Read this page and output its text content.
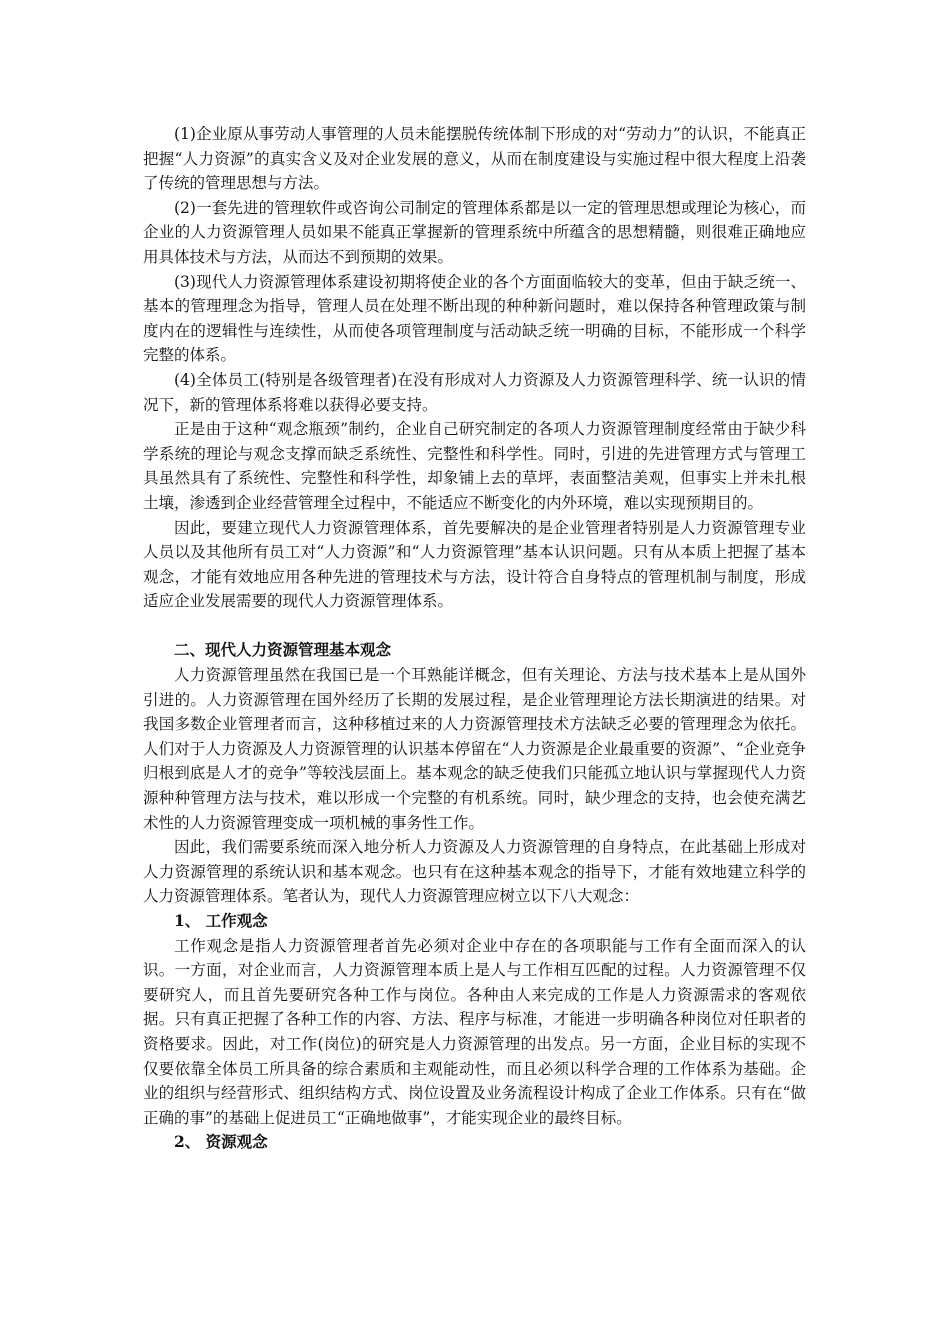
(1)企业原从事劳动人事管理的人员未能摆脱传统体制下形成的对“劳动力”的认识，不能真正把握“人力资源”的真实含义及对企业发展的意义，从而在制度建设与实施过程中很大程度上沿袭了传统的管理思想与方法。

(2)一套先进的管理软件或咨询公司制定的管理体系都是以一定的管理思想或理论为核心，而企业的人力资源管理人员如果不能真正掌握新的管理系统中所蕴含的思想精髓，则很难正确地应用具体技术与方法，从而达不到预期的效果。

(3)现代人力资源管理体系建设初期将使企业的各个方面面临较大的变革，但由于缺乏统一、基本的管理理念为指导，管理人员在处理不断出现的种种新问题时，难以保持各种管理政策与制度内在的逻辑性与连续性，从而使各项管理制度与活动缺乏统一明确的目标，不能形成一个科学完整的体系。

(4)全体员工(特别是各级管理者)在没有形成对人力资源及人力资源管理科学、统一认识的情况下，新的管理体系将难以获得必要支持。

正是由于这种“观念瓶颈”制约，企业自己研究制定的各项人力资源管理制度经常由于缺少科学系统的理论与观念支撑而缺乏系统性、完整性和科学性。同时，引进的先进管理方式与管理工具虽然具有了系统性、完整性和科学性，却象铺上去的草坪，表面整洁美观，但事实上并未扎根土壤，渗透到企业经营管理全过程中，不能适应不断变化的内外环境，难以实现预期目的。

因此，要建立现代人力资源管理体系，首先要解决的是企业管理者特别是人力资源管理专业人员以及其他所有员工对“人力资源”和“人力资源管理”基本认识问题。只有从本质上把握了基本观念，才能有效地应用各种先进的管理技术与方法，设计符合自身特点的管理机制与制度，形成适应企业发展需要的现代人力资源管理体系。

二、现代人力资源管理基本观念

人力资源管理虽然在我国已是一个耳熟能详概念，但有关理论、方法与技术基本上是从国外引进的。人力资源管理在国外经历了长期的发展过程，是企业管理理论方法长期演进的结果。对我国多数企业管理者而言，这种移植过来的人力资源管理技术方法缺乏必要的管理理念为依托。人们对于人力资源及人力资源管理的认识基本停留在“人力资源是企业最重要的资源”、“企业竞争归根到底是人才的竞争”等较浅层面上。基本观念的缺乏使我们只能孤立地认识与掌握现代人力资源种种管理方法与技术，难以形成一个完整的有机系统。同时，缺少理念的支持，也会使充满艺术性的人力资源管理变成一项机械的事务性工作。

因此，我们需要系统而深入地分析人力资源及人力资源管理的自身特点，在此基础上形成对人力资源管理的系统认识和基本观念。也只有在这种基本观念的指导下，才能有效地建立科学的人力资源管理体系。笔者认为，现代人力资源管理应树立以下八大观念：

1、 工作观念

工作观念是指人力资源管理者首先必须对企业中存在的各项职能与工作有全面而深入的认识。一方面，对企业而言，人力资源管理本质上是人与工作相互匹配的过程。人力资源管理不仅要研究人，而且首先要研究各种工作与岗位。各种由人来完成的工作是人力资源需求的客观依据。只有真正把握了各种工作的内容、方法、程序与标准，才能进一步明确各种岗位对任职者的资格要求。因此，对工作(岗位)的研究是人力资源管理的出发点。另一方面，企业目标的实现不仅要依靠全体员工所具备的综合素质和主观能动性，而且必须以科学合理的工作体系为基础。企业的组织与经营形式、组织结构方式、岗位设置及业务流程设计构成了企业工作体系。只有在“做正确的事”的基础上促进员工“正确地做事”，才能实现企业的最终目标。

2、 资源观念
